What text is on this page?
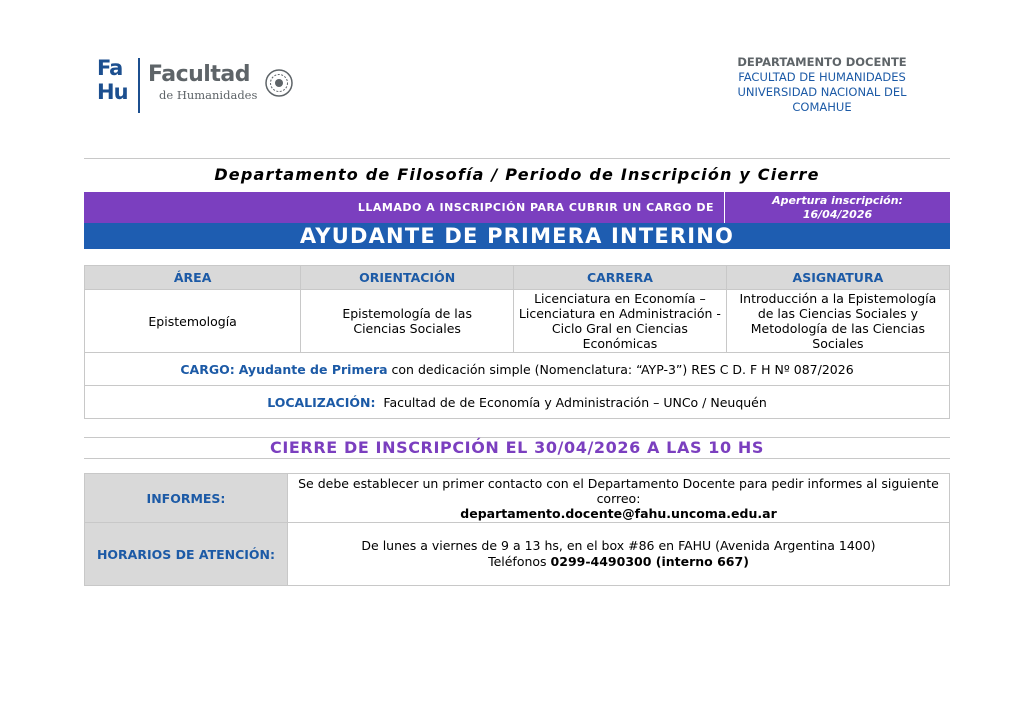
Fa
Hu
Facultad
de Humanidades
DEPARTAMENTO DOCENTE
FACULTAD DE HUMANIDADES
UNIVERSIDAD NACIONAL DEL COMAHUE
Departamento de Filosofía / Periodo de Inscripción y Cierre
LLAMADO A INSCRIPCIÓN PARA CUBRIR UN CARGO DE
Apertura inscripción:
16/04/2026
AYUDANTE DE PRIMERA INTERINO
ÁREA	ORIENTACIÓN	CARRERA	ASIGNATURA
Epistemología	Epistemología de las Ciencias Sociales	Licenciatura en Economía – Licenciatura en Administración - Ciclo Gral en Ciencias Económicas	Introducción a la Epistemología de las Ciencias Sociales y Metodología de las Ciencias Sociales
CARGO: Ayudante de Primera con dedicación simple (Nomenclatura: “AYP-3”) RES C D. F H Nº 087/2026			
LOCALIZACIÓN: Facultad de de Economía y Administración – UNCo / Neuquén			
CIERRE DE INSCRIPCIÓN EL 30/04/2026 A LAS 10 HS
INFORMES:	Se debe establecer un primer contacto con el Departamento Docente para pedir informes al siguiente correo:
departamento.docente@fahu.uncoma.edu.ar

HORARIOS DE ATENCIÓN:	De lunes a viernes de 9 a 13 hs, en el box #86 en FAHU (Avenida Argentina 1400)
Teléfonos 0299-4490300 (interno 667)
